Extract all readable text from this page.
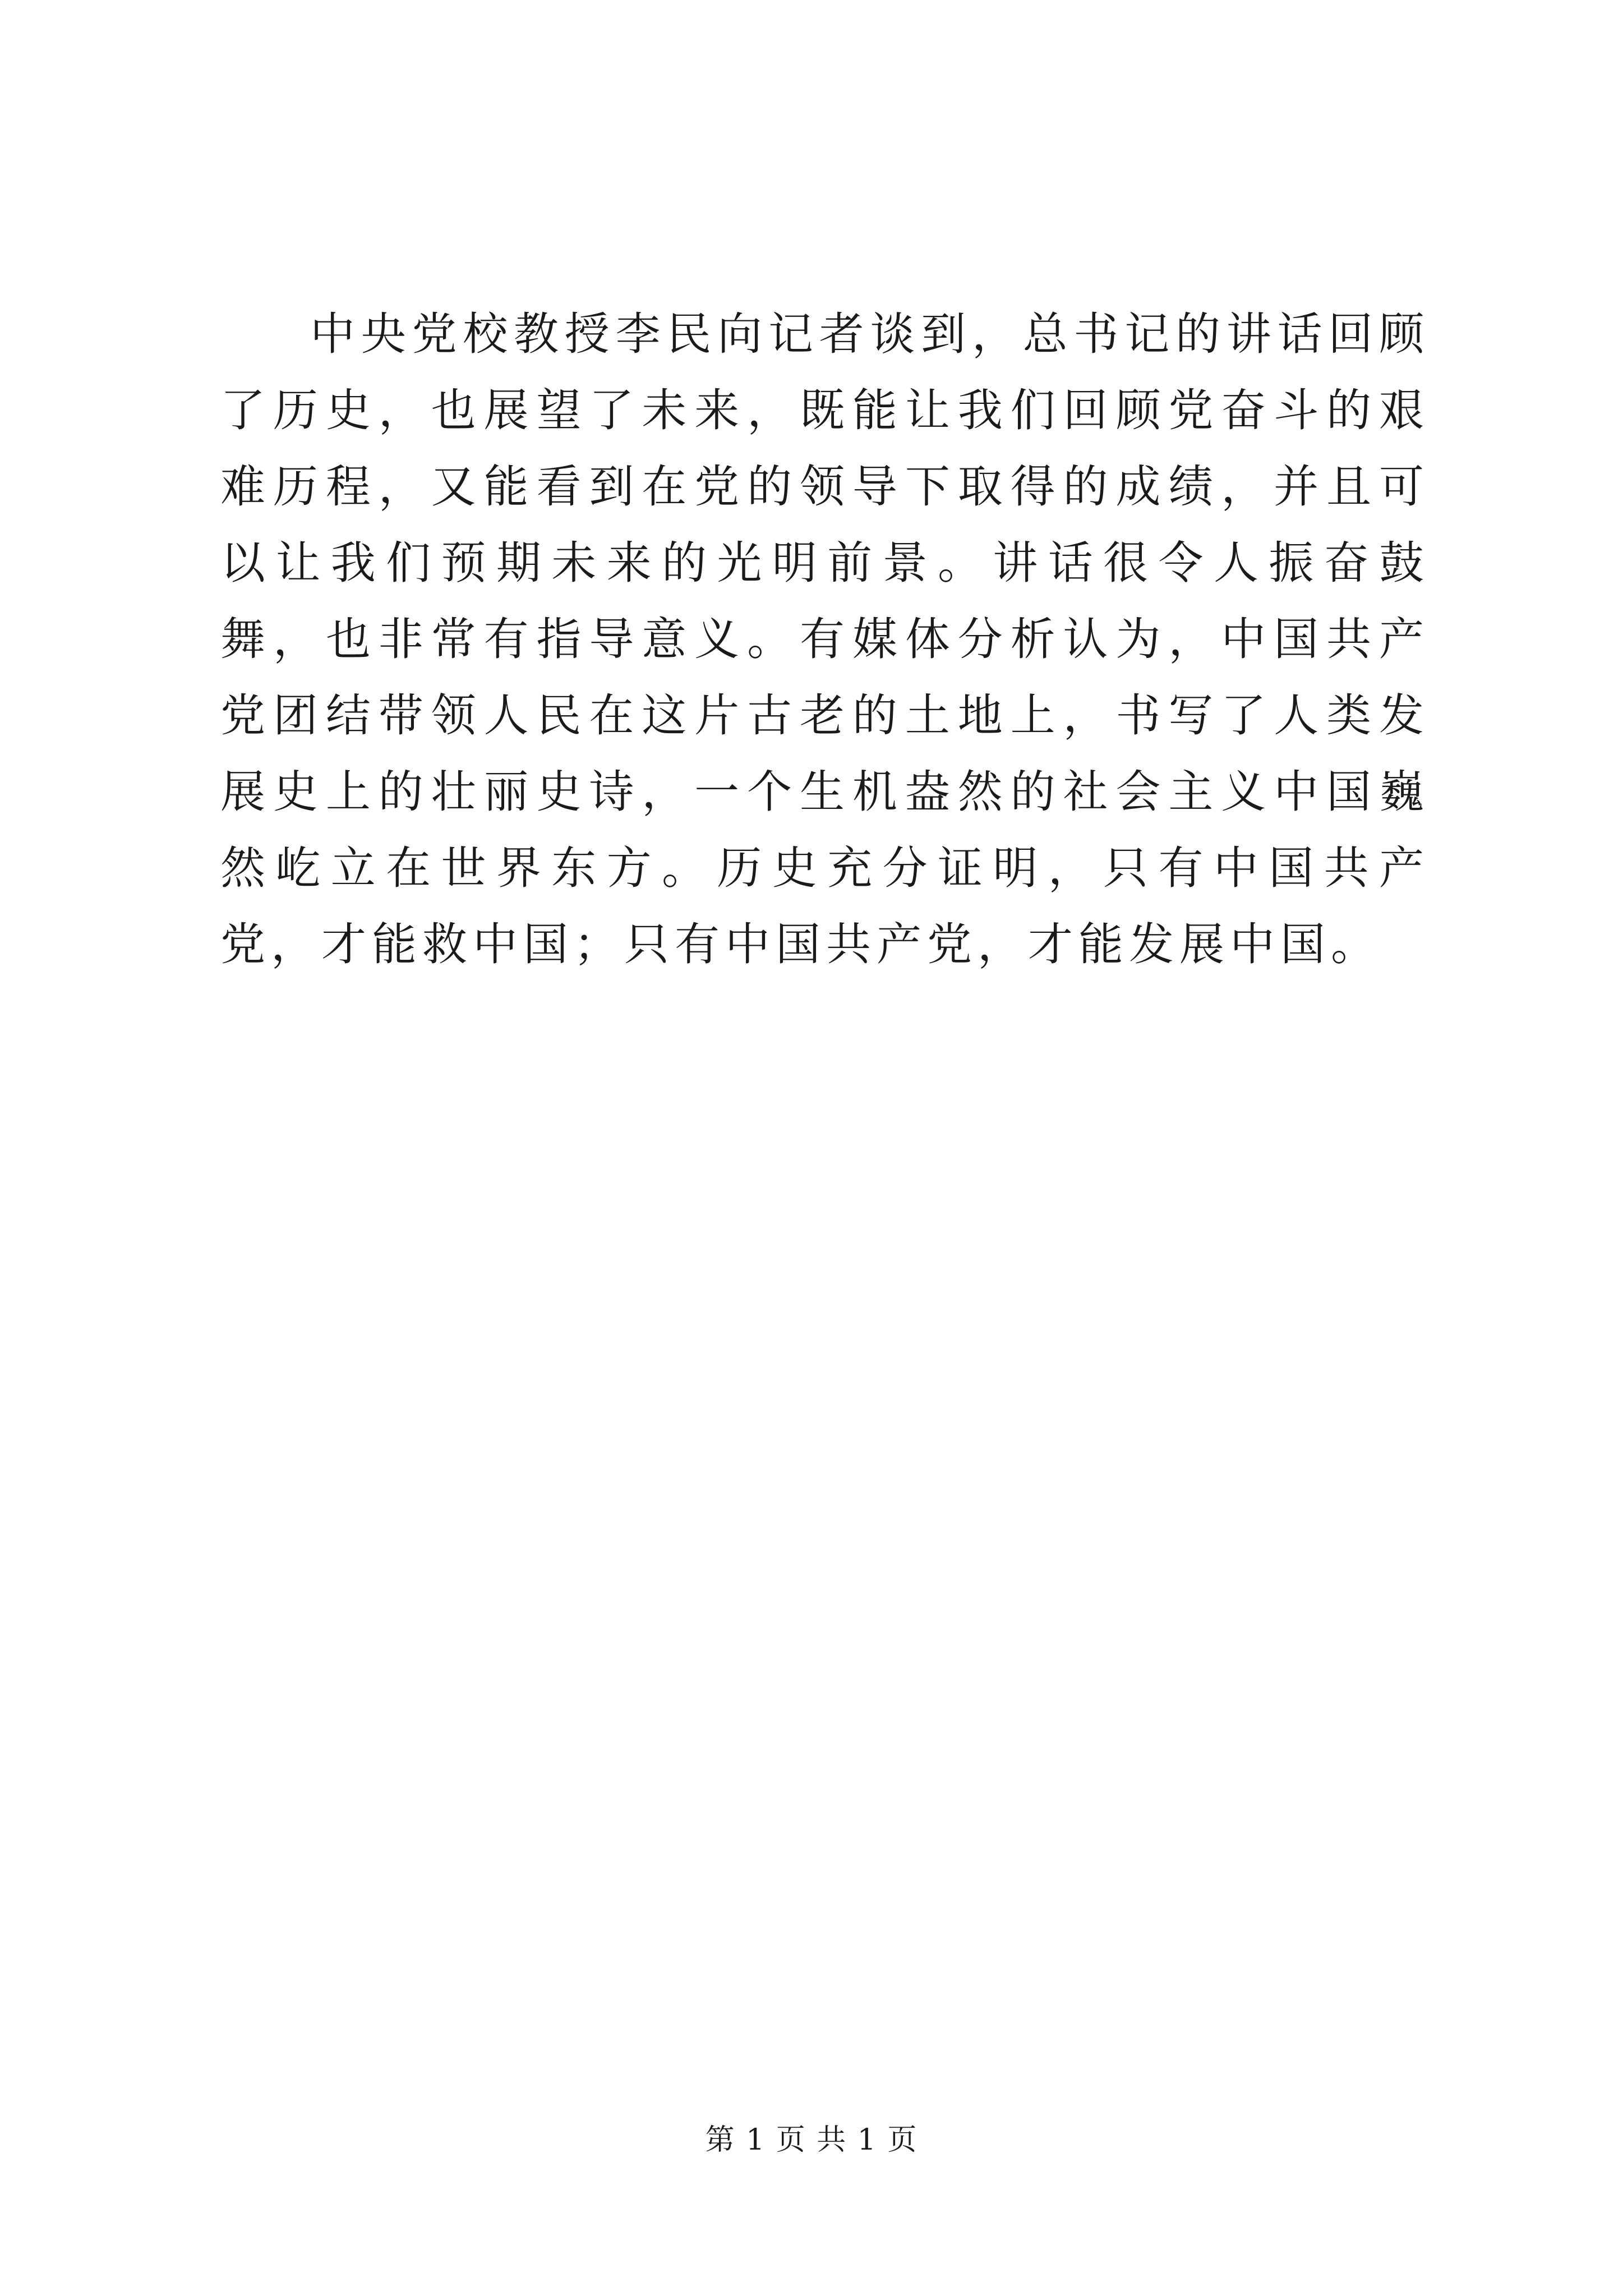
中央党校教授李民向记者谈到，总书记的讲话回顾了历史，也展望了未来，既能让我们回顾党奋斗的艰难历程，又能看到在党的领导下取得的成绩，并且可以让我们预期未来的光明前景。讲话很令人振奋鼓舞，也非常有指导意义。有媒体分析认为，中国共产党团结带领人民在这片古老的土地上，书写了人类发展史上的壮丽史诗，一个生机盎然的社会主义中国巍然屹立在世界东方。历史充分证明，只有中国共产党，才能救中国；只有中国共产党，才能发展中国。

第 1 页 共 1 页
